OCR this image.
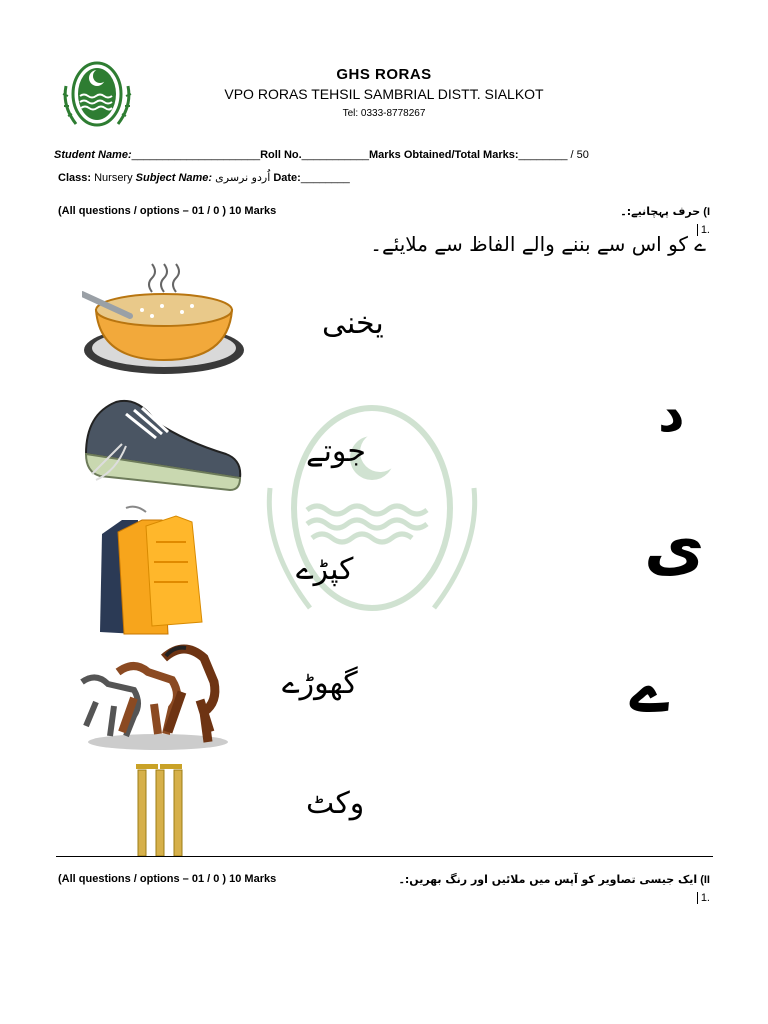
GHS RORAS
VPO RORAS TEHSIL SAMBRIAL DISTT. SIALKOT
Tel: 0333-8778267
Student Name:_____________________Roll No.___________Marks Obtained/Total Marks:________ / 50
Class: Nursery Subject Name: اُردو نرسری Date:________
(All questions / options – 01 / 0 ) 10 Marks	I) حرف پہچانیے:۔
1.
ے کو اس سے بننے والے الفاظ سے ملایئے۔
یخنی
جوتے
کپڑے
گھوڑے
وکٹ
د
ی
ے
(All questions / options – 01 / 0 ) 10 Marks	II) ایک جیسی تصاویر کو آپس میں ملائیں اور رنگ بھریں:۔
1.
